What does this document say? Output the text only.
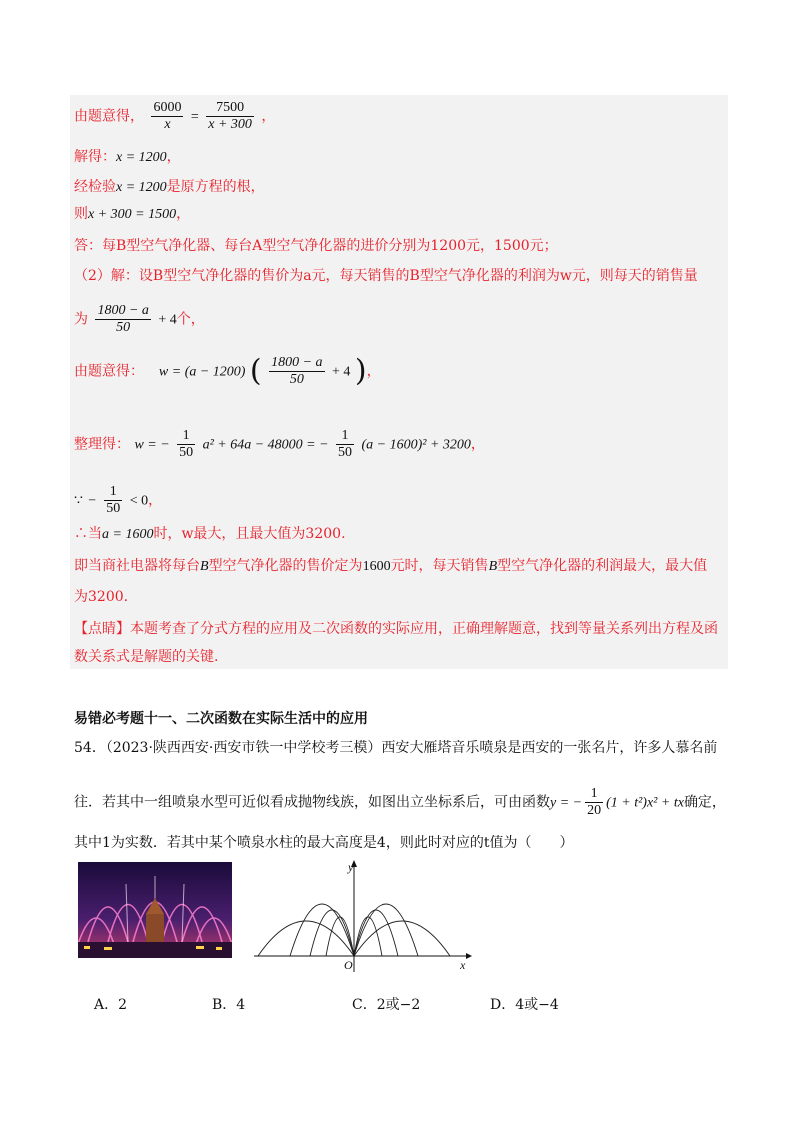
由题意得， $\frac{6000}{x} = \frac{7500}{x + 300}$ ，
解得：x = 1200，
经检验x = 1200是原方程的根，
则x + 300 = 1500，
答：每B型空气净化器、每台A型空气净化器的进价分别为1200元，1500元；
（2）解：设B型空气净化器的售价为a元，每天销售的B型空气净化器的利润为w元，则每天的销售量
为 $\frac{1800 - a}{50} + 4$个，
由题意得： w = (a − 1200) ( $\frac{1800 - a}{50} + 4$ )，
整理得： w = − $\frac{1}{50} a^2 + 64a - 48000$ = − $\frac{1}{50} (a - 1600)^2 + 3200$，
∵ − $\frac{1}{50} < 0$，
∴当a = 1600时，w最大，且最大值为3200.
即当商社电器将每台B型空气净化器的售价定为1600元时，每天销售B型空气净化器的利润最大，最大值
为3200.
【点睛】本题考查了分式方程的应用及二次函数的实际应用，正确理解题意，找到等量关系列出方程及函
数关系式是解题的关键.
易错必考题十一、二次函数在实际生活中的应用
54．（2023·陕西西安·西安市铁一中学校考三模）西安大雁塔音乐喷泉是西安的一张名片，许多人慕名前
往．若其中一组喷泉水型可近似看成抛物线族，如图出立坐标系后，可由函数y = − $\frac{1}{20} (1 + t^2)x^2$ + tx确定，
其中1为实数．若其中某个喷泉水柱的最大高度是4，则此时对应的t值为（　　）
y
x
O
A．2	B．4	C．2或−2	D．4或−4
